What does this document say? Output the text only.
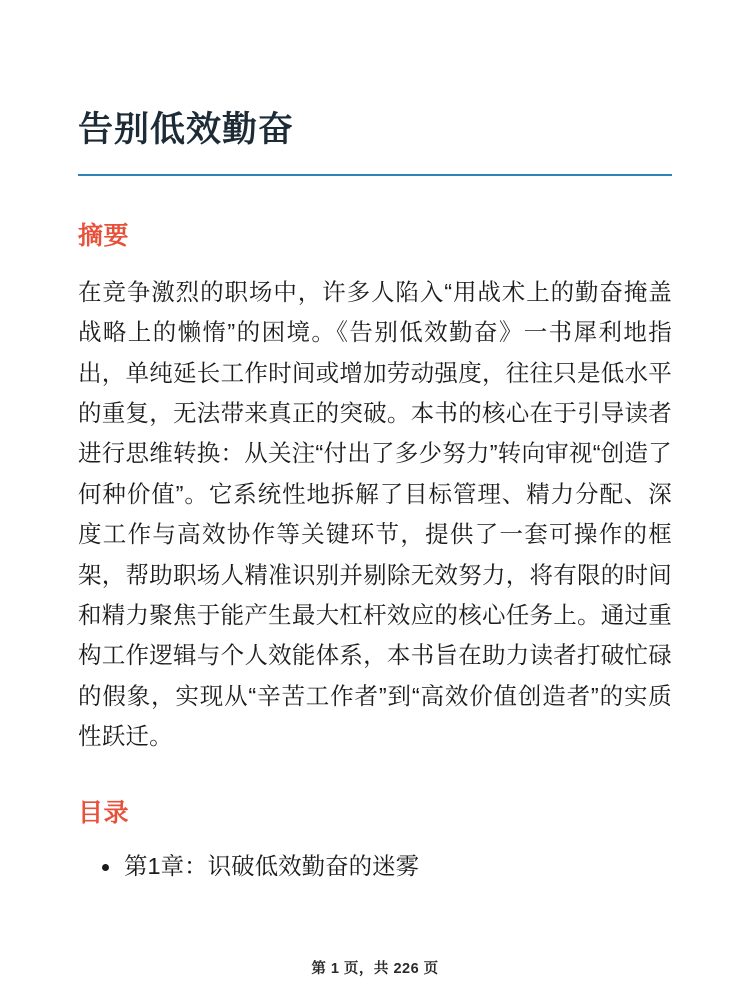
告别低效勤奋
摘要

在竞争激烈的职场中，许多人陷入“用战术上的勤奋掩盖战略上的懒惰”的困境。《告别低效勤奋》一书犀利地指出，单纯延长工作时间或增加劳动强度，往往只是低水平的重复，无法带来真正的突破。本书的核心在于引导读者进行思维转换：从关注“付出了多少努力”转向审视“创造了何种价值”。它系统性地拆解了目标管理、精力分配、深度工作与高效协作等关键环节，提供了一套可操作的框架，帮助职场人精准识别并剔除无效努力，将有限的时间和精力聚焦于能产生最大杠杆效应的核心任务上。通过重构工作逻辑与个人效能体系，本书旨在助力读者打破忙碌的假象，实现从“辛苦工作者”到“高效价值创造者”的实质性跃迁。

目录
第1章：识破低效勤奋的迷雾
第 1 页，共 226 页
